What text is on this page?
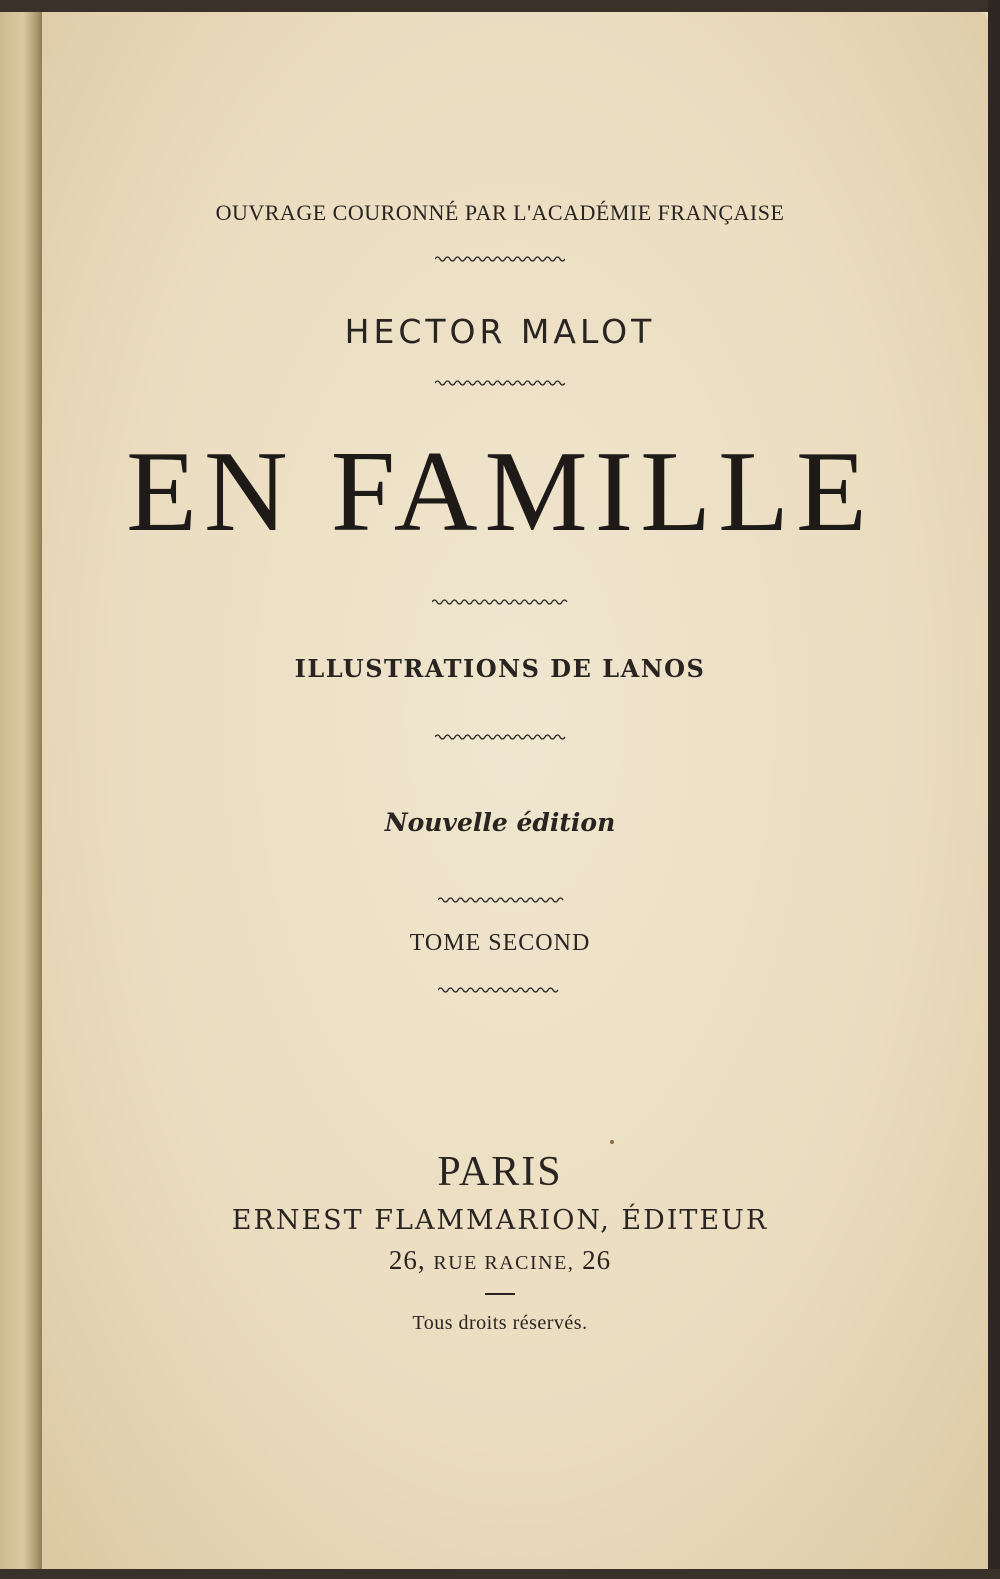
OUVRAGE COURONNÉ PAR L'ACADÉMIE FRANÇAISE
HECTOR MALOT
EN FAMILLE
ILLUSTRATIONS DE LANOS
Nouvelle édition
TOME SECOND
PARIS
ERNEST FLAMMARION, ÉDITEUR
26, RUE RACINE, 26
Tous droits réservés.
